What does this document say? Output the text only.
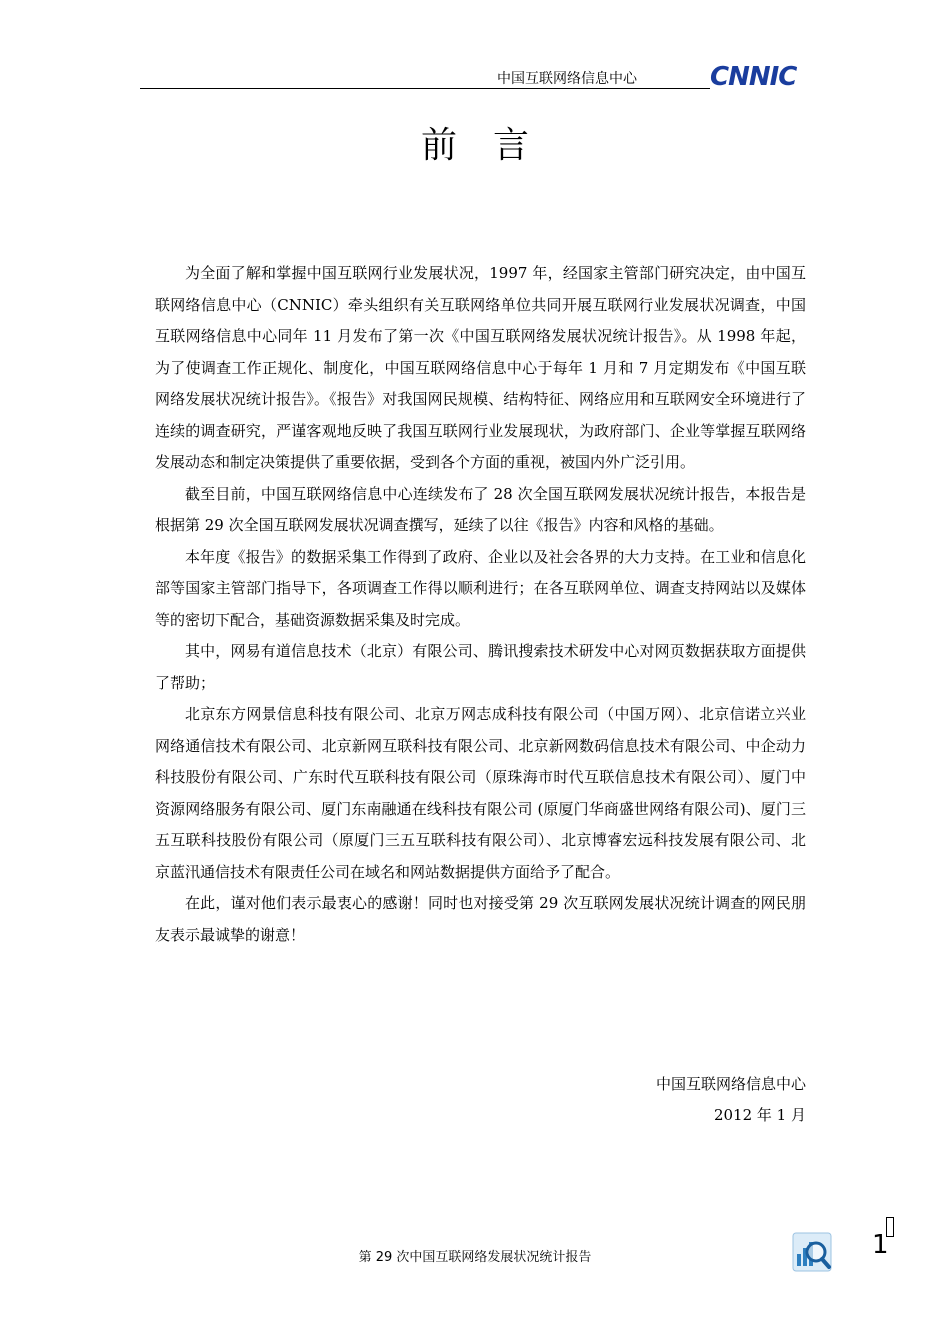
中国互联网络信息中心	CNNIC
前言

为全面了解和掌握中国互联网行业发展状况，1997 年，经国家主管部门研究决定，由中国互联网络信息中心（CNNIC）牵头组织有关互联网络单位共同开展互联网行业发展状况调查，中国互联网络信息中心同年 11 月发布了第一次《中国互联网络发展状况统计报告》。从 1998 年起，为了使调查工作正规化、制度化，中国互联网络信息中心于每年 1 月和 7 月定期发布《中国互联网络发展状况统计报告》。《报告》对我国网民规模、结构特征、网络应用和互联网安全环境进行了连续的调查研究，严谨客观地反映了我国互联网行业发展现状，为政府部门、企业等掌握互联网络发展动态和制定决策提供了重要依据，受到各个方面的重视，被国内外广泛引用。

截至目前，中国互联网络信息中心连续发布了 28 次全国互联网发展状况统计报告，本报告是根据第 29 次全国互联网发展状况调查撰写，延续了以往《报告》内容和风格的基础。

本年度《报告》的数据采集工作得到了政府、企业以及社会各界的大力支持。在工业和信息化部等国家主管部门指导下，各项调查工作得以顺利进行；在各互联网单位、调查支持网站以及媒体等的密切下配合，基础资源数据采集及时完成。

其中，网易有道信息技术（北京）有限公司、腾讯搜索技术研发中心对网页数据获取方面提供了帮助；

北京东方网景信息科技有限公司、北京万网志成科技有限公司（中国万网）、北京信诺立兴业网络通信技术有限公司、北京新网互联科技有限公司、北京新网数码信息技术有限公司、中企动力科技股份有限公司、广东时代互联科技有限公司（原珠海市时代互联信息技术有限公司）、厦门中资源网络服务有限公司、厦门东南融通在线科技有限公司 (原厦门华商盛世网络有限公司)、厦门三五互联科技股份有限公司（原厦门三五互联科技有限公司）、北京博睿宏远科技发展有限公司、北京蓝汛通信技术有限责任公司在域名和网站数据提供方面给予了配合。

在此，谨对他们表示最衷心的感谢！同时也对接受第 29 次互联网发展状况统计调查的网民朋友表示最诚挚的谢意！

中国互联网络信息中心
2012 年 1 月
第 29 次中国互联网络发展状况统计报告	1
